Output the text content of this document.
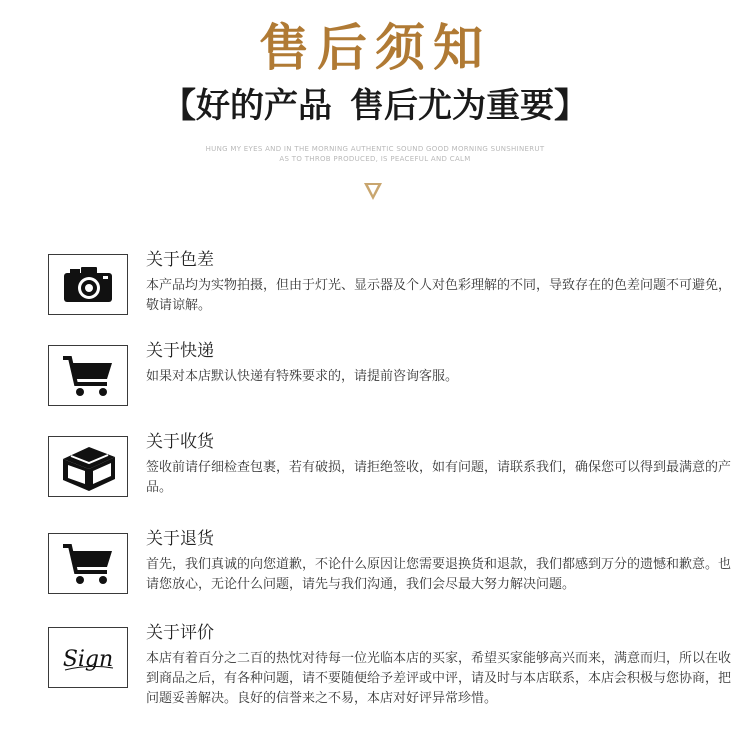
售后须知
【好的产品 售后尤为重要】
HUNG MY EYES AND IN THE MORNING AUTHENTIC SOUND GOOD MORNING SUNSHINERUT
AS TO THROB PRODUCED, IS PEACEFUL AND CALM
关于色差
本产品均为实物拍摄，但由于灯光、显示器及个人对色彩理解的不同，导致存在的色差问题不可避免，敬请谅解。
关于快递
如果对本店默认快递有特殊要求的，请提前咨询客服。
关于收货
签收前请仔细检查包裹，若有破损，请拒绝签收，如有问题，请联系我们，确保您可以得到最满意的产品。
关于退货
首先，我们真诚的向您道歉，不论什么原因让您需要退换货和退款，我们都感到万分的遗憾和歉意。也请您放心，无论什么问题，请先与我们沟通，我们会尽最大努力解决问题。
Sign
关于评价
本店有着百分之二百的热忱对待每一位光临本店的买家，希望买家能够高兴而来，满意而归，所以在收到商品之后，有各种问题，请不要随便给予差评或中评，请及时与本店联系，本店会积极与您协商，把问题妥善解决。良好的信誉来之不易，本店对好评异常珍惜。
